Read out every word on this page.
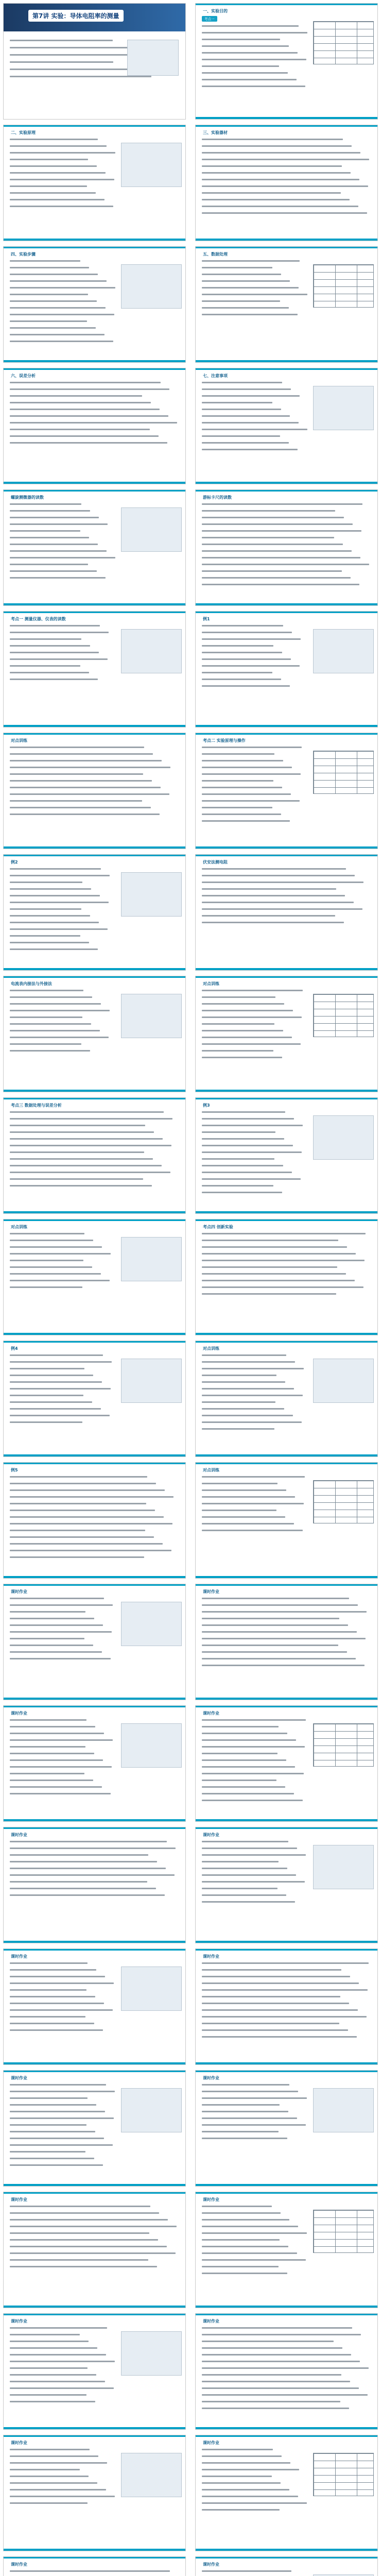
第7讲 实验：导体电阻率的测量
一、实验目的
考点一
二、实验原理	三、实验器材
四、实验步骤	五、数据处理
六、误差分析	七、注意事项
螺旋测微器的读数	游标卡尺的读数
考点一 测量仪器、仪表的读数	例1
对点训练	考点二 实验原理与操作
例2	伏安法测电阻
电流表内接法与外接法	对点训练
考点三 数据处理与误差分析	例3
对点训练	考点四 创新实验
例4	对点训练
例5	对点训练
课时作业	课时作业
课时作业	课时作业
课时作业	课时作业
课时作业	课时作业
课时作业	课时作业
课时作业	课时作业
课时作业	课时作业
课时作业	课时作业
课时作业	课时作业
